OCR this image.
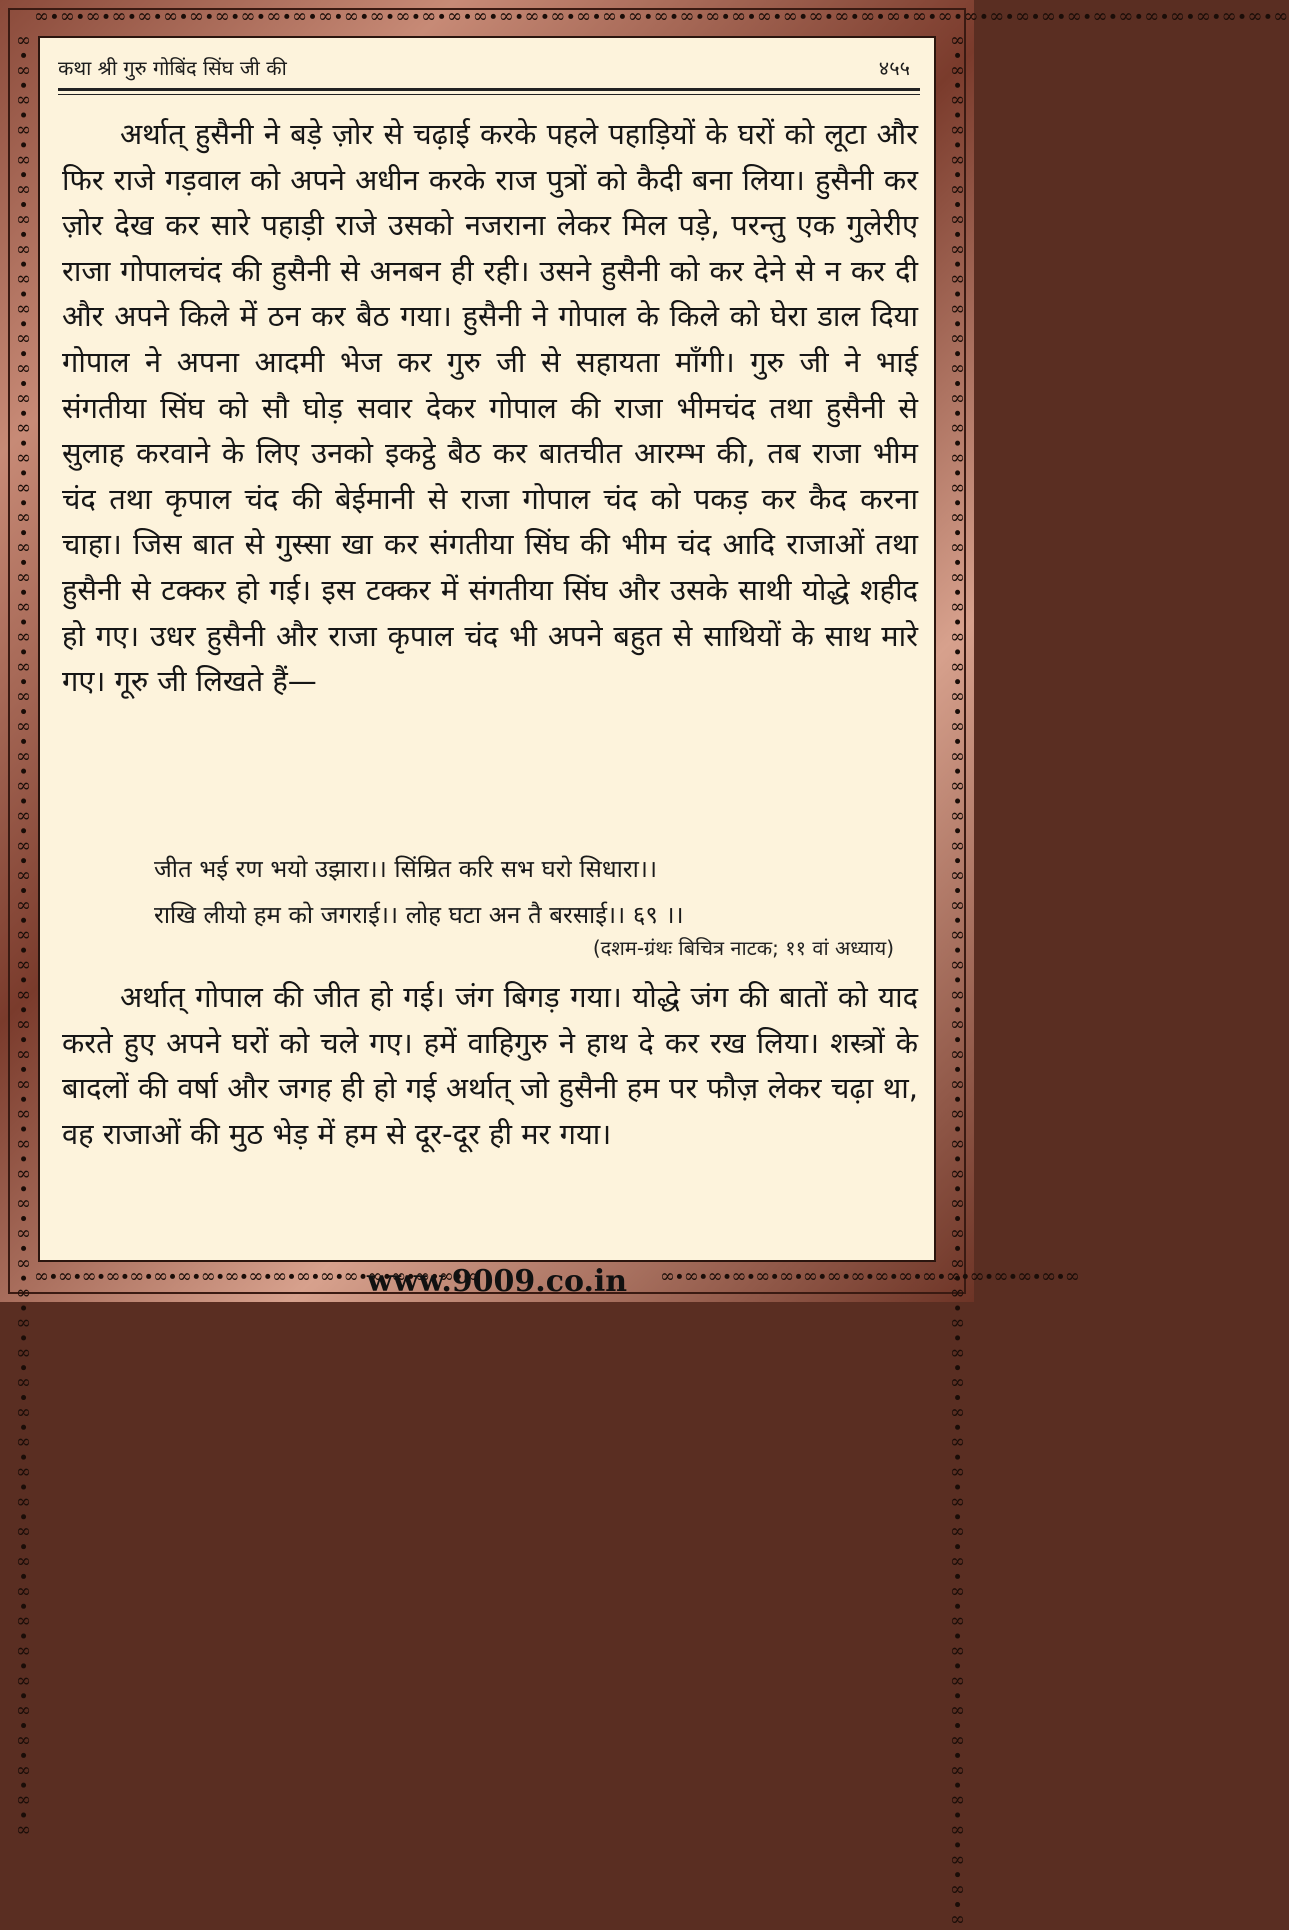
∞∙∞∙∞∙∞∙∞∙∞∙∞∙∞∙∞∙∞∙∞∙∞∙∞∙∞∙∞∙∞∙∞∙∞∙∞∙∞∙∞∙∞∙∞∙∞∙∞∙∞∙∞∙∞∙∞∙∞∙∞∙∞∙∞∙∞∙∞∙∞∙∞∙∞∙∞∙∞∙∞∙∞∙∞∙∞∙∞∙∞∙∞∙∞∙∞
∞∙∞∙∞∙∞∙∞∙∞∙∞∙∞∙∞∙∞∙∞∙∞∙∞∙∞∙∞∙∞∙∞∙∞∙∞∙∞∙∞∙∞∙∞∙∞∙∞∙∞∙∞∙∞∙∞∙∞∙∞∙∞∙∞∙∞∙∞∙∞∙∞∙∞∙∞∙∞∙∞∙∞∙∞∙∞∙∞∙∞∙∞∙∞∙∞∙∞∙∞∙∞∙∞∙∞∙∞∙∞∙∞∙∞∙∞∙∞∙∞	∞∙∞∙∞∙∞∙∞∙∞∙∞∙∞∙∞∙∞∙∞∙∞∙∞∙∞∙∞∙∞∙∞∙∞∙∞∙∞∙∞∙∞∙∞∙∞∙∞∙∞∙∞∙∞∙∞∙∞∙∞∙∞∙∞∙∞∙∞∙∞∙∞∙∞∙∞∙∞∙∞∙∞∙∞∙∞∙∞∙∞∙∞∙∞∙∞∙∞∙∞∙∞∙∞∙∞∙∞∙∞∙∞∙∞∙∞∙∞∙∞∙∞∙∞∙∞
∞∙∞∙∞∙∞∙∞∙∞∙∞∙∞∙∞∙∞∙∞∙∞∙∞∙∞∙∞∙∞∙∞∙∞∙∞	∞∙∞∙∞∙∞∙∞∙∞∙∞∙∞∙∞∙∞∙∞∙∞∙∞∙∞∙∞∙∞∙∞∙∞
www.9009.co.in
कथा श्री गुरु गोबिंद सिंघ जी की	४५५

अर्थात् हुसैनी ने बड़े ज़ोर से चढ़ाई करके पहले पहाड़ियों के घरों को लूटा और फिर राजे गड़वाल को अपने अधीन करके राज पुत्रों को कैदी बना लिया। हुसैनी कर ज़ोर देख कर सारे पहाड़ी राजे उसको नजराना लेकर मिल पड़े, परन्तु एक गुलेरीए राजा गोपालचंद की हुसैनी से अनबन ही रही। उसने हुसैनी को कर देने से न कर दी और अपने किले में ठन कर बैठ गया। हुसैनी ने गोपाल के किले को घेरा डाल दिया गोपाल ने अपना आदमी भेज कर गुरु जी से सहायता माँगी। गुरु जी ने भाई संगतीया सिंघ को सौ घोड़ सवार देकर गोपाल की राजा भीमचंद तथा हुसैनी से सुलाह करवाने के लिए उनको इकट्ठे बैठ कर बातचीत आरम्भ की, तब राजा भीम चंद तथा कृपाल चंद की बेईमानी से राजा गोपाल चंद को पकड़ कर कैद करना चाहा। जिस बात से गुस्सा खा कर संगतीया सिंघ की भीम चंद आदि राजाओं तथा हुसैनी से टक्कर हो गई। इस टक्कर में संगतीया सिंघ और उसके साथी योद्धे शहीद हो गए। उधर हुसैनी और राजा कृपाल चंद भी अपने बहुत से साथियों के साथ मारे गए। गूरु जी लिखते हैं—

जीत भई रण भयो उझारा।। सिंम्रित करि सभ घरो सिधारा।।
राखि लीयो हम को जगराई।। लोह घटा अन तै बरसाई।। ६९ ।।
(दशम-ग्रंथः बिचित्र नाटक; ११ वां अध्याय)

अर्थात् गोपाल की जीत हो गई। जंग बिगड़ गया। योद्धे जंग की बातों को याद करते हुए अपने घरों को चले गए। हमें वाहिगुरु ने हाथ दे कर रख लिया। शस्त्रों के बादलों की वर्षा और जगह ही हो गई अर्थात् जो हुसैनी हम पर फौज़ लेकर चढ़ा था, वह राजाओं की मुठ भेड़ में हम से दूर-दूर ही मर गया।
